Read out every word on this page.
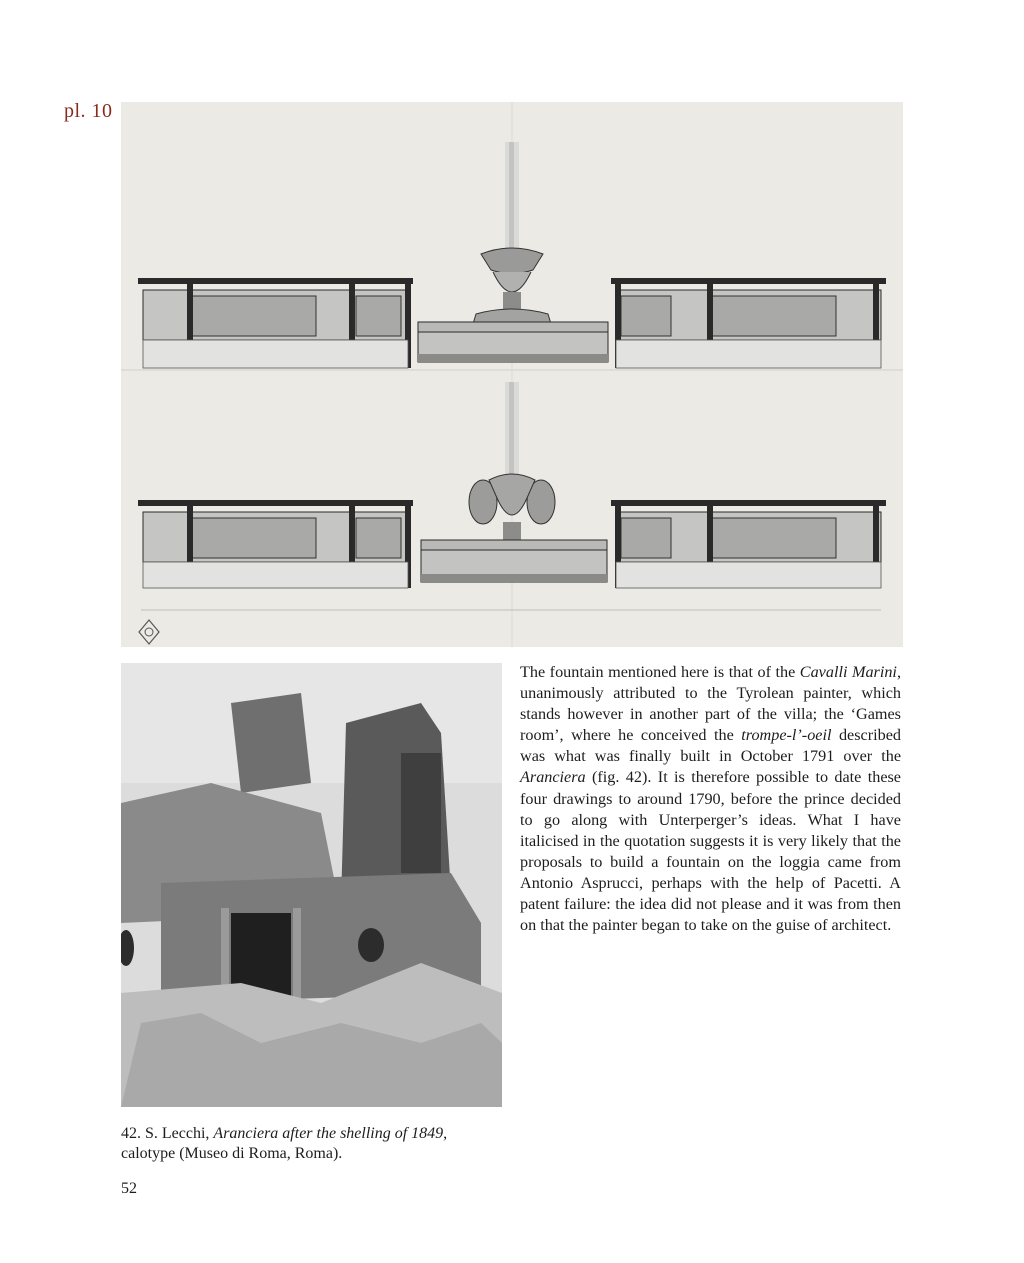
pl. 10

The fountain mentioned here is that of the Cavalli Marini, unanimously attributed to the Tyrolean painter, which stands however in another part of the villa; the ‘Games room’, where he conceived the trompe-l’-oeil described was what was finally built in October 1791 over the Aranciera (fig. 42). It is therefore possible to date these four drawings to around 1790, before the prince decided to go along with Unterperger’s ideas. What I have italicised in the quotation suggests it is very likely that the proposals to build a fountain on the loggia came from Antonio Asprucci, perhaps with the help of Pacetti. A patent failure: the idea did not please and it was from then on that the painter began to take on the guise of architect.

42. S. Lecchi, Aranciera after the shelling of 1849, calotype (Museo di Roma, Roma).

52
